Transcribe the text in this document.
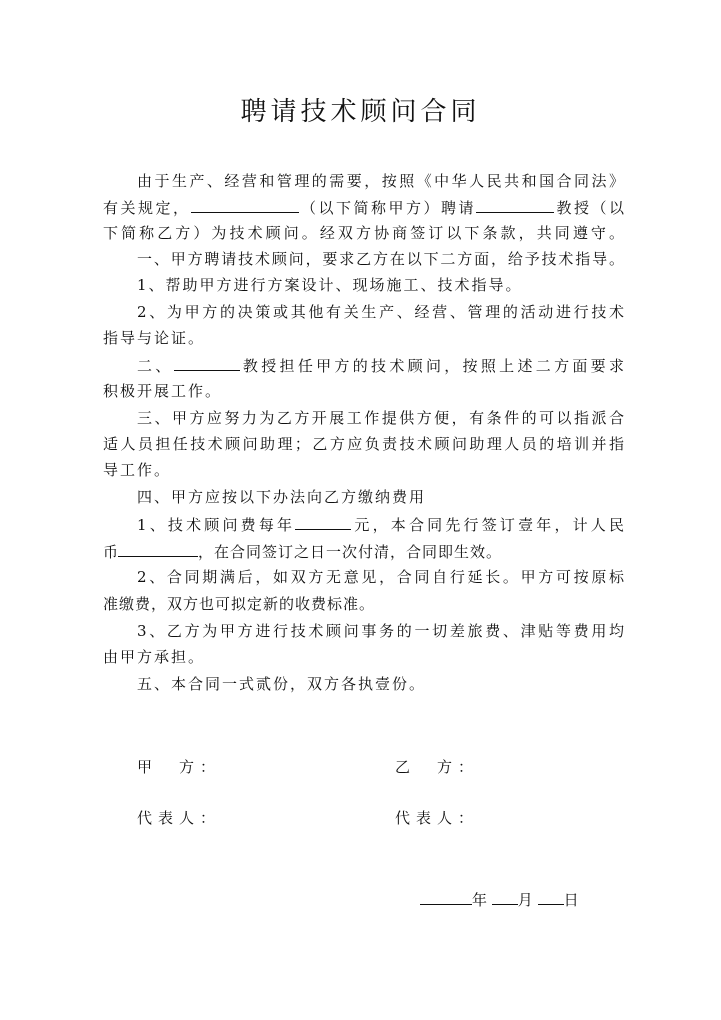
聘请技术顾问合同
由于生产、经营和管理的需要，按照《中华人民共和国合同法》
有关规定，	（以下简称甲方）聘请	教授（以
下简称乙方）为技术顾问。经双方协商签订以下条款，共同遵守。
一、甲方聘请技术顾问，要求乙方在以下二方面，给予技术指导。
1、帮助甲方进行方案设计、现场施工、技术指导。
2、为甲方的决策或其他有关生产、经营、管理的活动进行技术
指导与论证。
二、	教授担任甲方的技术顾问，按照上述二方面要求
积极开展工作。
三、甲方应努力为乙方开展工作提供方便，有条件的可以指派合
适人员担任技术顾问助理；乙方应负责技术顾问助理人员的培训并指
导工作。
四、甲方应按以下办法向乙方缴纳费用
1、技术顾问费每年	元，本合同先行签订壹年，计人民
币	，在合同签订之日一次付清，合同即生效。
2、合同期满后，如双方无意见，合同自行延长。甲方可按原标
准缴费，双方也可拟定新的收费标准。
3、乙方为甲方进行技术顾问事务的一切差旅费、津贴等费用均
由甲方承担。
五、本合同一式贰份，双方各执壹份。
甲　方：	乙　方：
代表人：	代表人：
年 月 日
